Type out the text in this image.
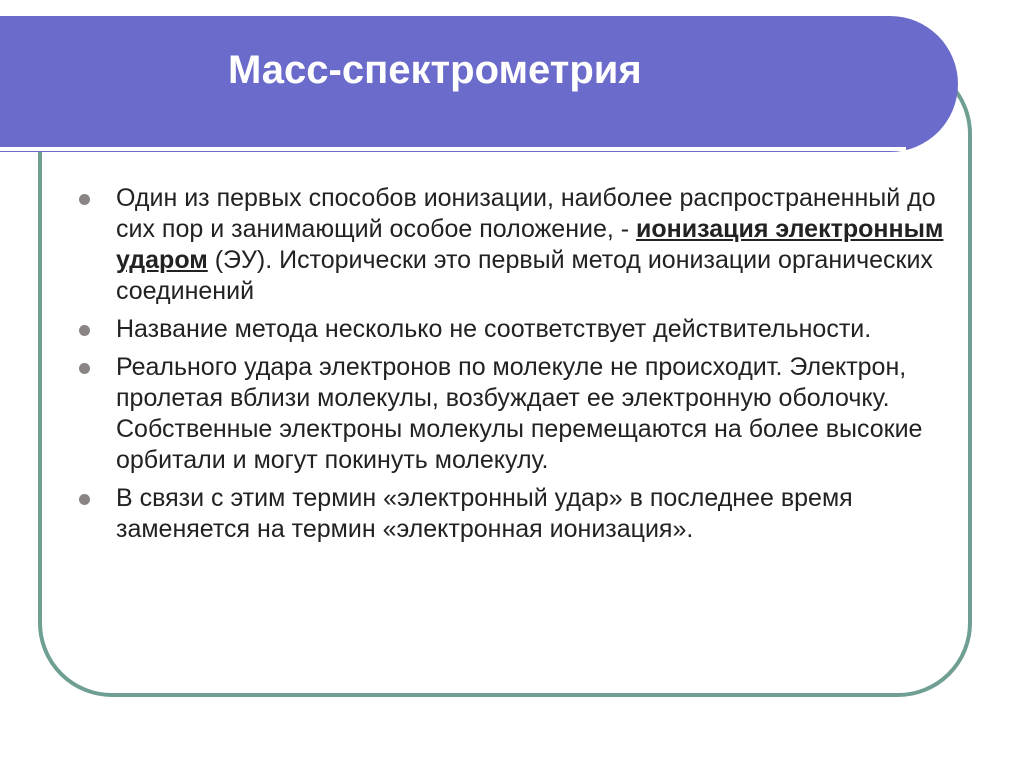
Масс-спектрометрия
Один из первых способов ионизации, наиболее распространенный до сих пор и занимающий особое положение, - ионизация электронным ударом (ЭУ). Исторически это первый метод ионизации органических соединений
Название метода несколько не соответствует действительности.
Реального удара электронов по молекуле не происходит. Электрон, пролетая вблизи молекулы, возбуждает ее электронную оболочку. Собственные электроны молекулы перемещаются на более высокие орбитали и могут покинуть молекулу.
В связи с этим термин «электронный удар» в последнее время заменяется на термин «электронная ионизация».
